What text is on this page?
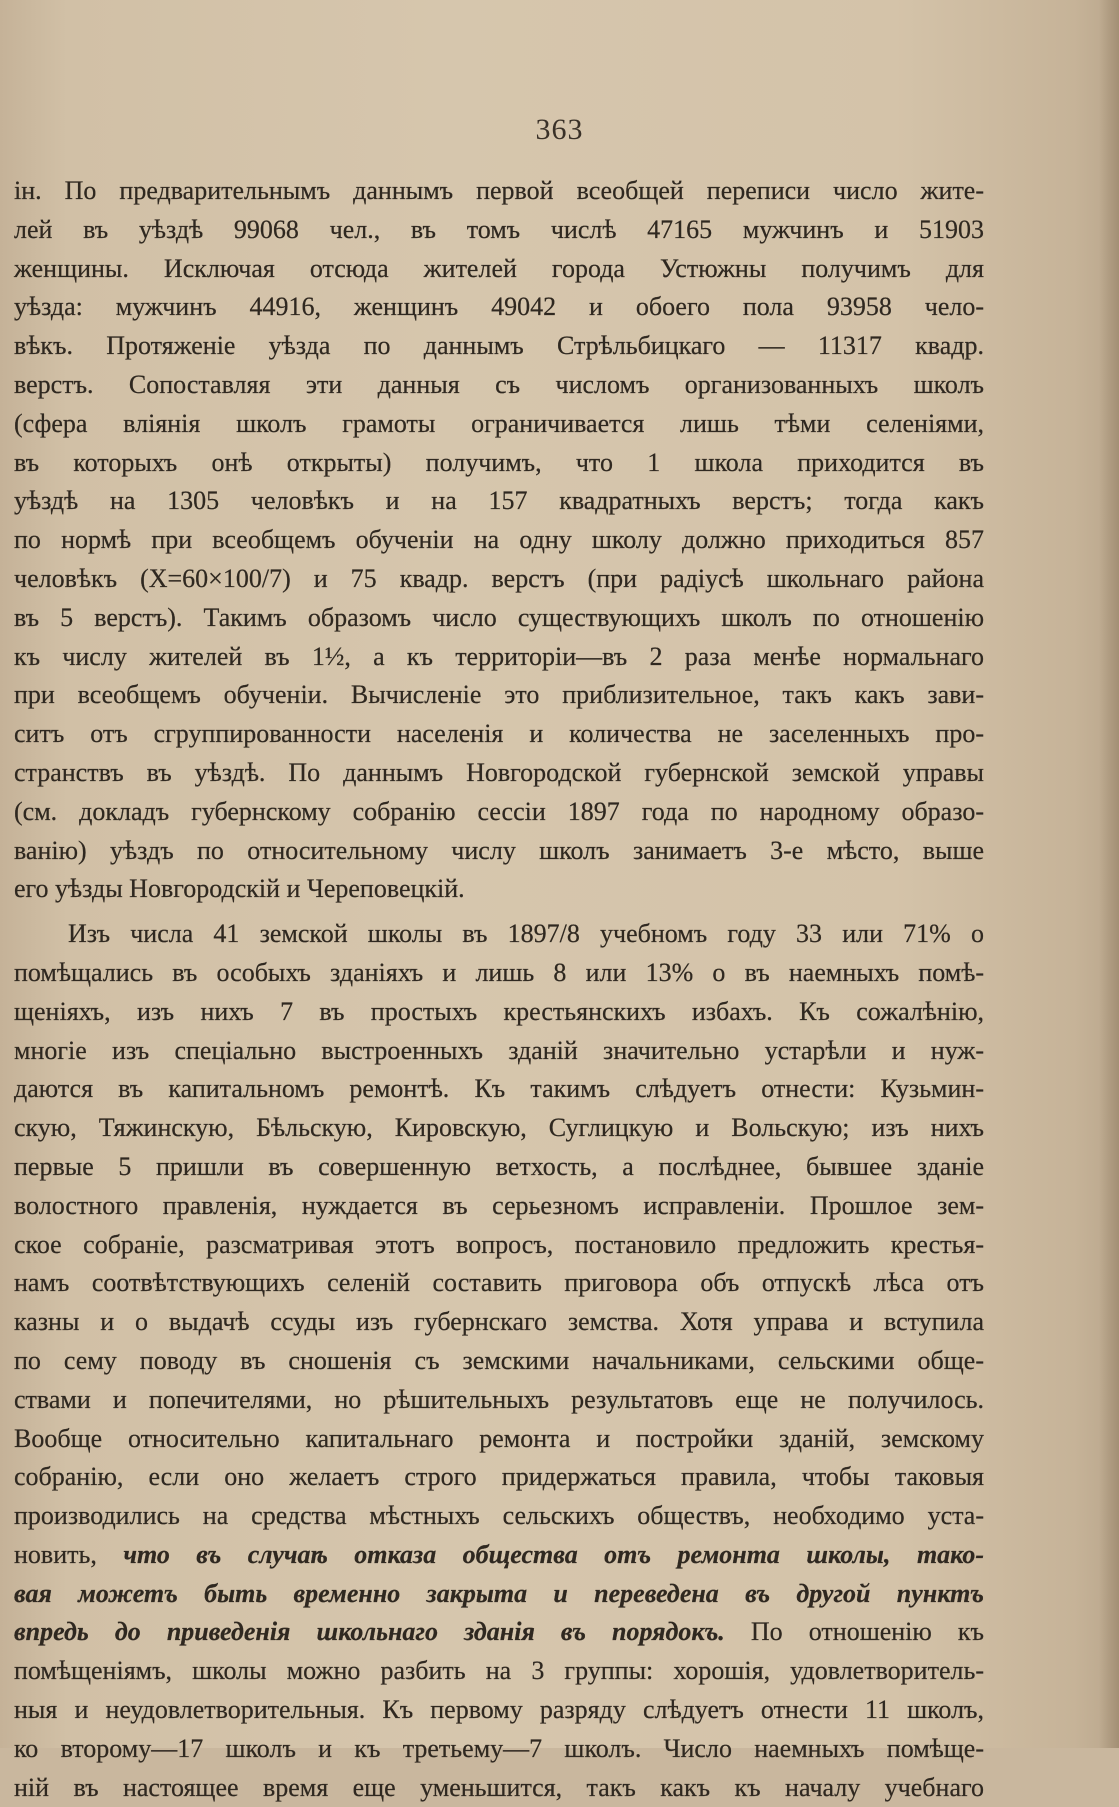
363
ін. По предварительнымъ даннымъ первой всеобщей переписи число жите-
лей въ уѣздѣ 99068 чел., въ томъ числѣ 47165 мужчинъ и 51903
женщины. Исключая отсюда жителей города Устюжны получимъ для
уѣзда: мужчинъ 44916, женщинъ 49042 и обоего пола 93958 чело-
вѣкъ. Протяженіе уѣзда по даннымъ Стрѣльбицкаго — 11317 квадр.
верстъ. Сопоставляя эти данныя съ числомъ организованныхъ школъ
(сфера вліянія школъ грамоты ограничивается лишь тѣми селеніями,
въ которыхъ онѣ открыты) получимъ, что 1 школа приходится въ
уѣздѣ на 1305 человѣкъ и на 157 квадратныхъ верстъ; тогда какъ
по нормѣ при всеобщемъ обученіи на одну школу должно приходиться 857
человѣкъ (X=60×100/7) и 75 квадр. верстъ (при радіусѣ школьнаго района
въ 5 верстъ). Такимъ образомъ число существующихъ школъ по отношенію
къ числу жителей въ 1½, а къ территоріи—въ 2 раза менѣе нормальнаго
при всеобщемъ обученіи. Вычисленіе это приблизительное, такъ какъ зави-
ситъ отъ сгруппированности населенія и количества не заселенныхъ про-
странствъ въ уѣздѣ. По даннымъ Новгородской губернской земской управы
(см. докладъ губернскому собранію сессіи 1897 года по народному образо-
ванію) уѣздъ по относительному числу школъ занимаетъ 3-е мѣсто, выше
его уѣзды Новгородскій и Череповецкій.
Изъ числа 41 земской школы въ 1897/8 учебномъ году 33 или 71% о
помѣщались въ особыхъ зданіяхъ и лишь 8 или 13% о въ наемныхъ помѣ-
щеніяхъ, изъ нихъ 7 въ простыхъ крестьянскихъ избахъ. Къ сожалѣнію,
многіе изъ спеціально выстроенныхъ зданій значительно устарѣли и нуж-
даются въ капитальномъ ремонтѣ. Къ такимъ слѣдуетъ отнести: Кузьмин-
скую, Тяжинскую, Бѣльскую, Кировскую, Суглицкую и Вольскую; изъ нихъ
первые 5 пришли въ совершенную ветхость, а послѣднее, бывшее зданіе
волостного правленія, нуждается въ серьезномъ исправленіи. Прошлое зем-
ское собраніе, разсматривая этотъ вопросъ, постановило предложить крестья-
намъ соотвѣтствующихъ селеній составить приговора объ отпускѣ лѣса отъ
казны и о выдачѣ ссуды изъ губернскаго земства. Хотя управа и вступила
по сему поводу въ сношенія съ земскими начальниками, сельскими обще-
ствами и попечителями, но рѣшительныхъ результатовъ еще не получилось.
Вообще относительно капитальнаго ремонта и постройки зданій, земскому
собранію, если оно желаетъ строго придержаться правила, чтобы таковыя
производились на средства мѣстныхъ сельскихъ обществъ, необходимо уста-
новить, что въ случаѣ отказа общества отъ ремонта школы, тако-
вая можетъ быть временно закрыта и переведена въ другой пунктъ
впредь до приведенія школьнаго зданія въ порядокъ. По отношенію къ
помѣщеніямъ, школы можно разбить на 3 группы: хорошія, удовлетворитель-
ныя и неудовлетворительныя. Къ первому разряду слѣдуетъ отнести 11 школъ,
ко второму—17 школъ и къ третьему—7 школъ. Число наемныхъ помѣще-
ній въ настоящее время еще уменьшится, такъ какъ къ началу учебнаго
